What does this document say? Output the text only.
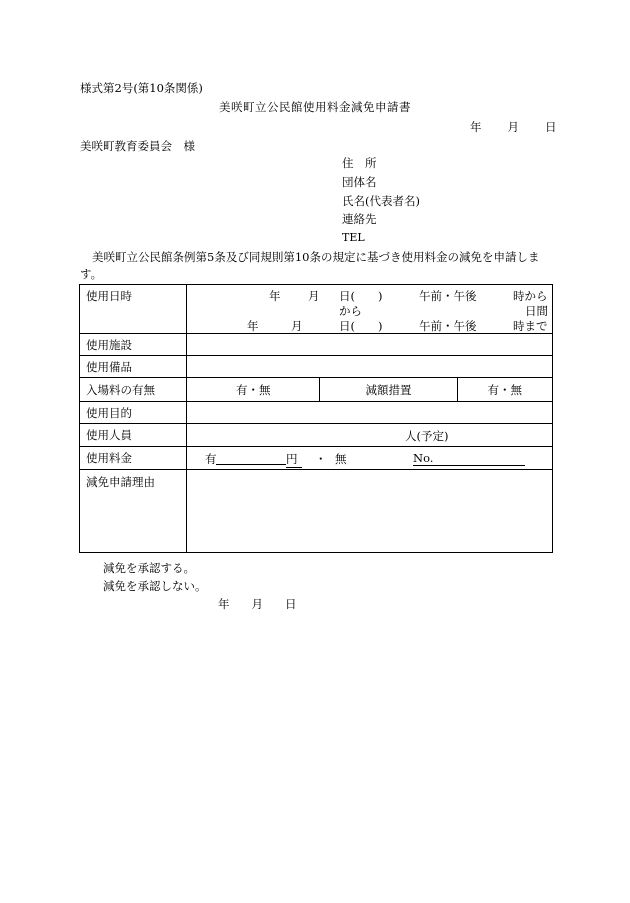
様式第2号(第10条関係)
美咲町立公民館使用料金減免申請書
年 月 日
美咲町教育委員会　様
住　所
団体名
氏名(代表者名)
連絡先
TEL
美咲町立公民館条例第5条及び同規則第10条の規定に基づき使用料金の減免を申請します。
使用日時	年 月 日(　　)	午前・午後	時から
から	日間
年	月	日(　　)	午前・午後	時まで

使用施設	
使用備品	
入場料の有無		有・無	減額措置	有・無

使用目的	
使用人員	人(予定)

使用料金	有	円	・ 無	No.

減免申請理由	
減免を承認する。
減免を承認しない。
年 月 日
